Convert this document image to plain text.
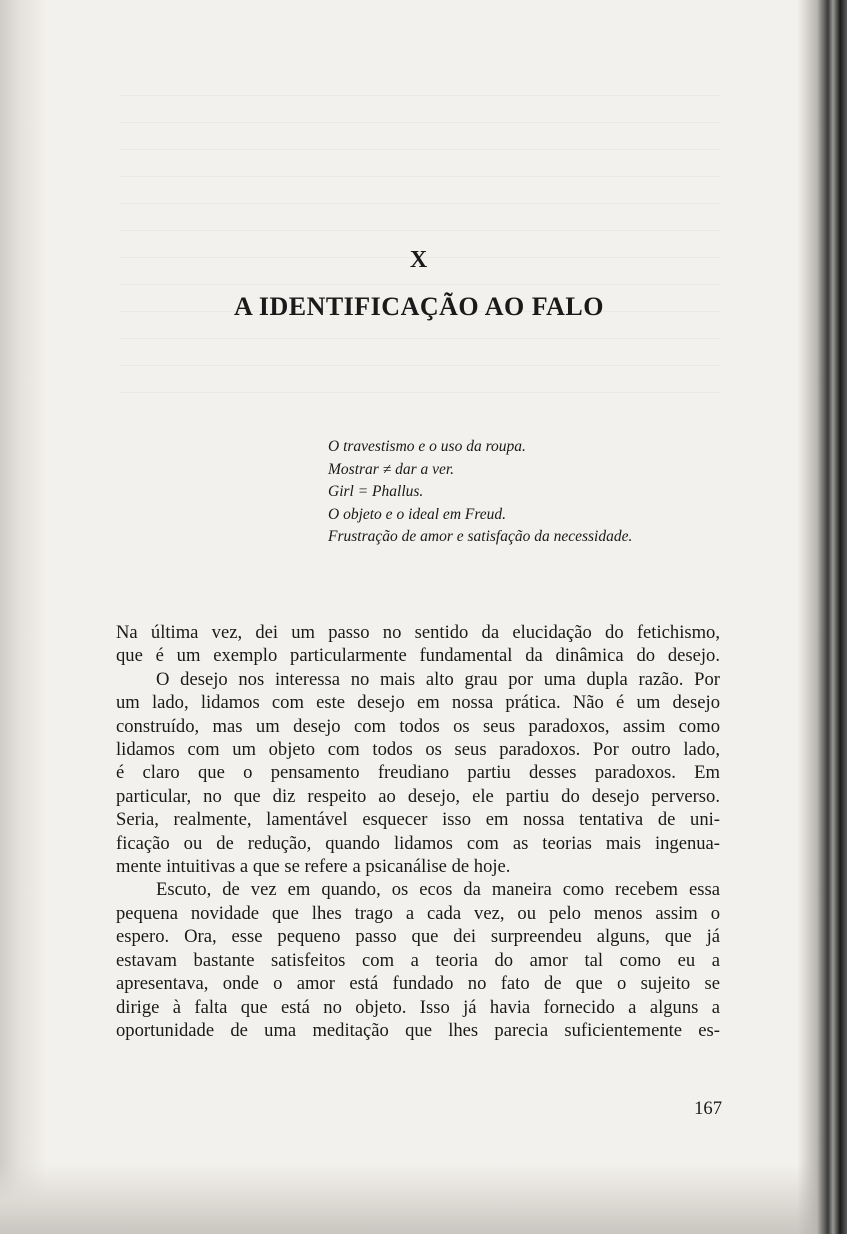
X
A IDENTIFICAÇÃO AO FALO
O travestismo e o uso da roupa.
Mostrar ≠ dar a ver.
Girl = Phallus.
O objeto e o ideal em Freud.
Frustração de amor e satisfação da necessidade.
Na última vez, dei um passo no sentido da elucidação do fetichismo,
que é um exemplo particularmente fundamental da dinâmica do desejo.
O desejo nos interessa no mais alto grau por uma dupla razão. Por
um lado, lidamos com este desejo em nossa prática. Não é um desejo
construído, mas um desejo com todos os seus paradoxos, assim como
lidamos com um objeto com todos os seus paradoxos. Por outro lado,
é claro que o pensamento freudiano partiu desses paradoxos. Em
particular, no que diz respeito ao desejo, ele partiu do desejo perverso.
Seria, realmente, lamentável esquecer isso em nossa tentativa de uni-
ficação ou de redução, quando lidamos com as teorias mais ingenua-
mente intuitivas a que se refere a psicanálise de hoje.
Escuto, de vez em quando, os ecos da maneira como recebem essa
pequena novidade que lhes trago a cada vez, ou pelo menos assim o
espero. Ora, esse pequeno passo que dei surpreendeu alguns, que já
estavam bastante satisfeitos com a teoria do amor tal como eu a
apresentava, onde o amor está fundado no fato de que o sujeito se
dirige à falta que está no objeto. Isso já havia fornecido a alguns a
oportunidade de uma meditação que lhes parecia suficientemente es-
167
